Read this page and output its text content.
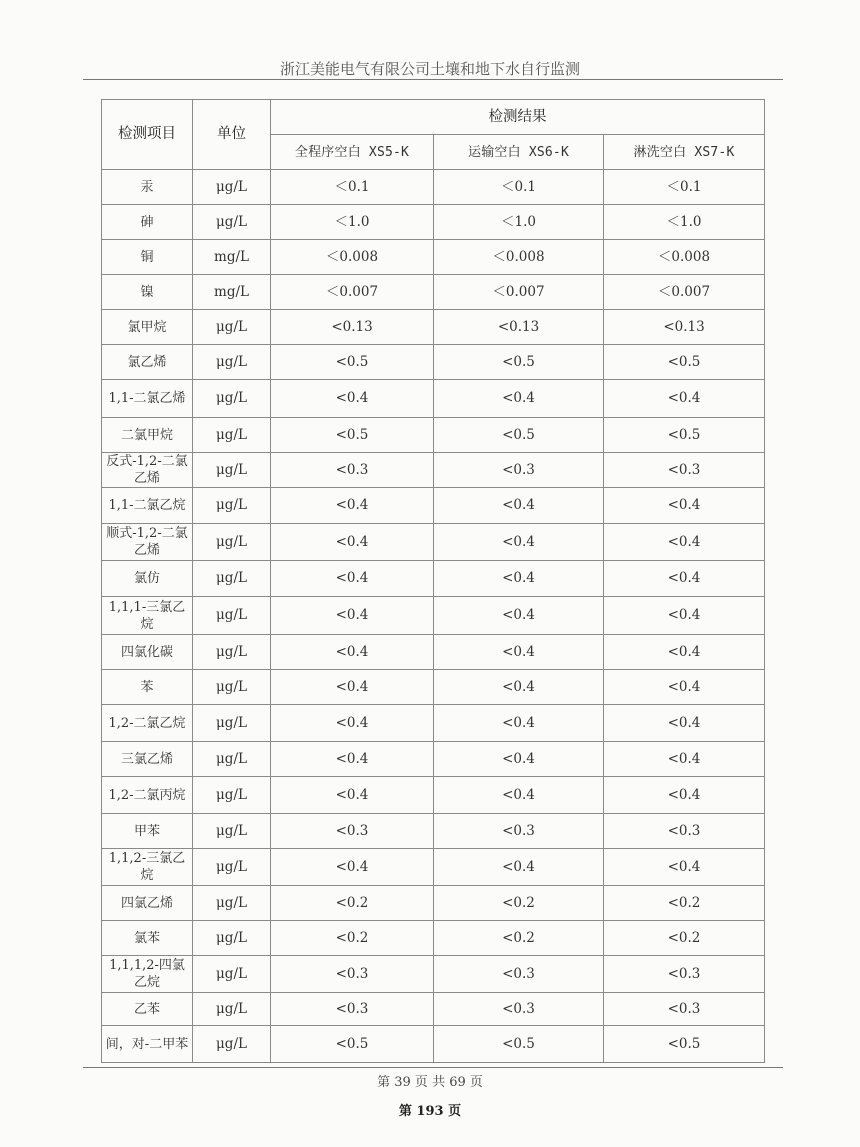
浙江美能电气有限公司土壤和地下水自行监测
检测项目	单位	检测结果		
		全程序空白 XS5-K	运输空白 XS6-K	淋洗空白 XS7-K
汞	μg/L	＜0.1	＜0.1	＜0.1
砷	μg/L	＜1.0	＜1.0	＜1.0
铜	mg/L	＜0.008	＜0.008	＜0.008
镍	mg/L	＜0.007	＜0.007	＜0.007
氯甲烷	μg/L	<0.13	<0.13	<0.13
氯乙烯	μg/L	<0.5	<0.5	<0.5
1,1-二氯乙烯	μg/L	<0.4	<0.4	<0.4
二氯甲烷	μg/L	<0.5	<0.5	<0.5
反式-1,2-二氯乙烯	μg/L	<0.3	<0.3	<0.3
1,1-二氯乙烷	μg/L	<0.4	<0.4	<0.4
顺式-1,2-二氯乙烯	μg/L	<0.4	<0.4	<0.4
氯仿	μg/L	<0.4	<0.4	<0.4
1,1,1-三氯乙烷	μg/L	<0.4	<0.4	<0.4
四氯化碳	μg/L	<0.4	<0.4	<0.4
苯	μg/L	<0.4	<0.4	<0.4
1,2-二氯乙烷	μg/L	<0.4	<0.4	<0.4
三氯乙烯	μg/L	<0.4	<0.4	<0.4
1,2-二氯丙烷	μg/L	<0.4	<0.4	<0.4
甲苯	μg/L	<0.3	<0.3	<0.3
1,1,2-三氯乙烷	μg/L	<0.4	<0.4	<0.4
四氯乙烯	μg/L	<0.2	<0.2	<0.2
氯苯	μg/L	<0.2	<0.2	<0.2
1,1,1,2-四氯乙烷	μg/L	<0.3	<0.3	<0.3
乙苯	μg/L	<0.3	<0.3	<0.3
间，对-二甲苯	μg/L	<0.5	<0.5	<0.5
第 39 页 共 69 页
第 193 页
